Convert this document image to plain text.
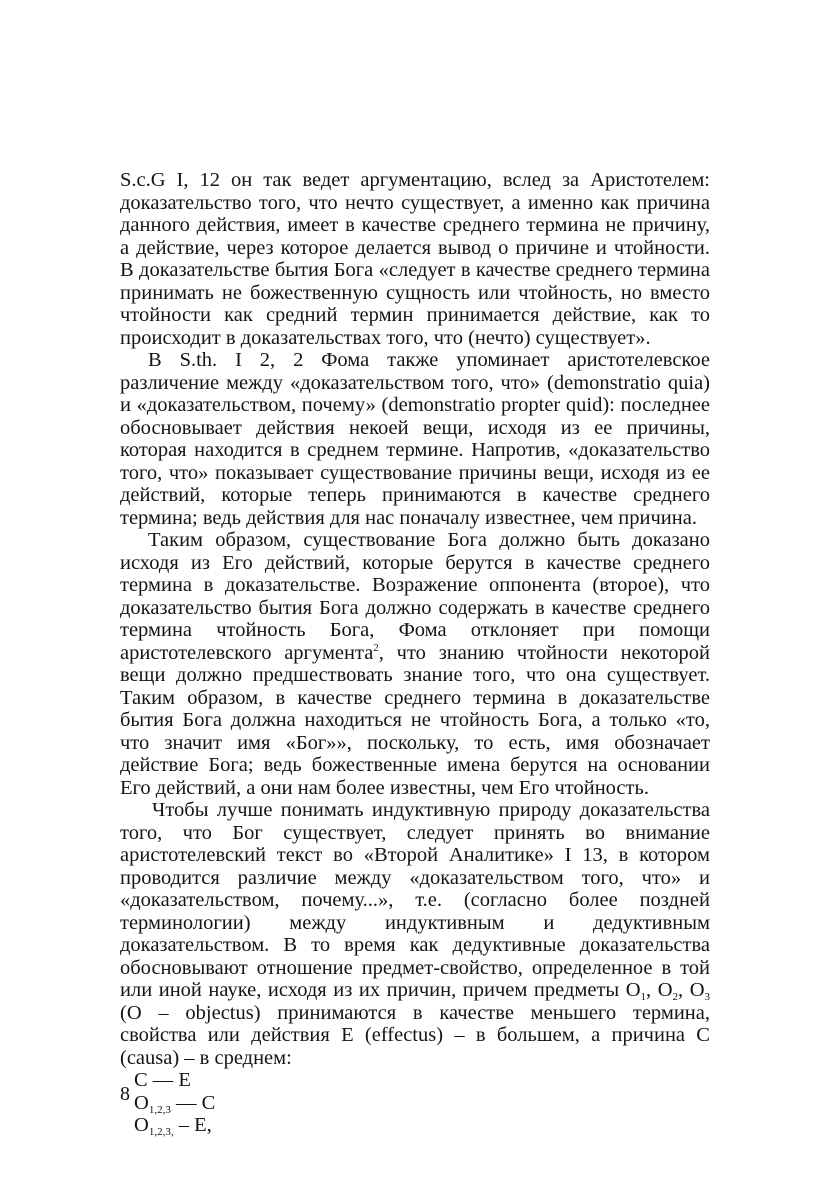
S.c.G I, 12 он так ведет аргументацию, вслед за Аристотелем: доказательство того, что нечто существует, а именно как причина данного действия, имеет в качестве среднего термина не причину, а действие, через которое делается вывод о причине и чтойности. В доказательстве бытия Бога «следует в качестве среднего термина принимать не божественную сущность или чтойность, но вместо чтойности как средний термин принимается действие, как то происходит в доказательствах того, что (нечто) существует».

В S.th. I 2, 2 Фома также упоминает аристотелевское различение между «доказательством того, что» (demonstratio quia) и «доказательством, почему» (demonstratio propter quid): последнее обосновывает действия некоей вещи, исходя из ее причины, которая находится в среднем термине. Напротив, «доказательство того, что» показывает существование причины вещи, исходя из ее действий, которые теперь принимаются в качестве среднего термина; ведь действия для нас поначалу известнее, чем причина.

Таким образом, существование Бога должно быть доказано исходя из Его действий, которые берутся в качестве среднего термина в доказательстве. Возражение оппонента (второе), что доказательство бытия Бога должно содержать в качестве среднего термина чтойность Бога, Фома отклоняет при помощи аристотелевского аргумента$^2$, что знанию чтойности некоторой вещи должно предшествовать знание того, что она существует. Таким образом, в качестве среднего термина в доказательстве бытия Бога должна находиться не чтойность Бога, а только «то, что значит имя «Бог»», поскольку, то есть, имя обозначает действие Бога; ведь божественные имена берутся на основании Его действий, а они нам более известны, чем Его чтойность.

Чтобы лучше понимать индуктивную природу доказательства того, что Бог существует, следует принять во внимание аристотелевский текст во «Второй Аналитике» I 13, в котором проводится различие между «доказательством того, что» и «доказательством, почему...», т.е. (согласно более поздней терминологии) между индуктивным и дедуктивным доказательством. В то время как дедуктивные доказательства обосновывают отношение предмет-свойство, определенное в той или иной науке, исходя из их причин, причем предметы $O_1$, $O_2$, $O_3$ (O – objectus) принимаются в качестве меньшего термина, свойства или действия E (effectus) – в большем, а причина C (causa) – в среднем:

C — E
$O_{1,2,3}$ — C
$O_{1,2,3,}$ – E,
8
